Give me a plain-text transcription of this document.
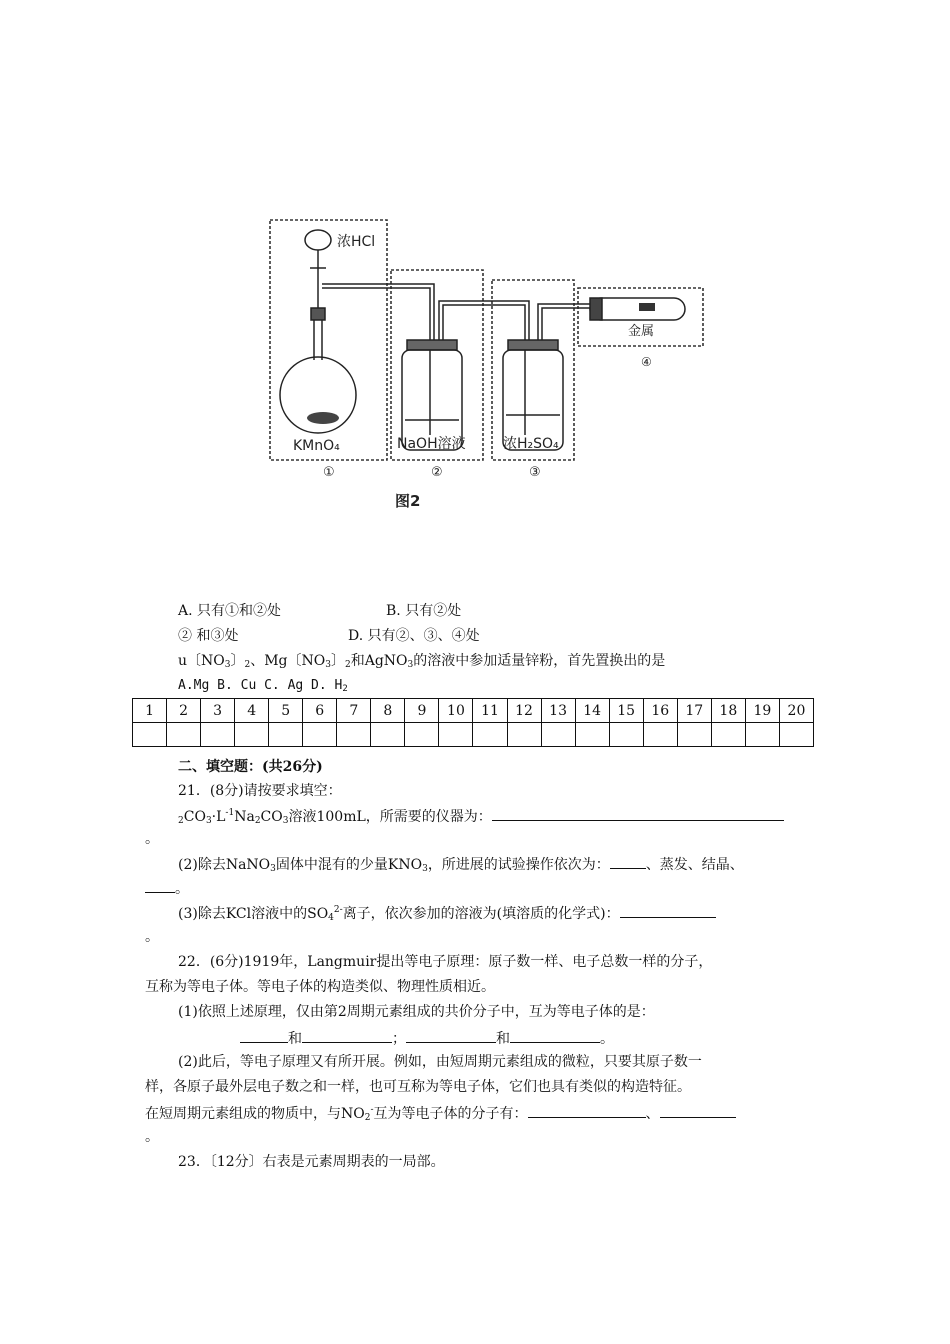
浓HCl
KMnO₄	NaOH溶液	浓H₂SO₄
金属
①	②	③
④
图2
A. 只有①和②处	B. 只有②处
② 和③处	D. 只有②、③、④处
u〔$NO_3$〕$_2$、Mg〔$NO_3$〕$_2$和AgNO$_3$的溶液中参加适量锌粉，首先置换出的是
A.Mg B. Cu C. Ag D. $H_2$
1	2	3	4	5	6	7	8	9	10	11	12	13	14	15	16	17	18	19	20

二、填空题：(共26分)
21．(8分)请按要求填空：
$_2CO_3\cdot L^{-1}Na_2CO_3$溶液100mL，所需要的仪器为：
。
(2)除去NaNO$_3$固体中混有的少量$KNO_3$，所进展的试验操作依次为：	、蒸发、结晶、
。
(3)除去KCl溶液中的$SO_4^{2-}$离子，依次参加的溶液为(填溶质的化学式)：
。
22．(6分)1919年，Langmuir提出等电子原理：原子数一样、电子总数一样的分子，
互称为等电子体。等电子体的构造类似、物理性质相近。
(1)依照上述原理，仅由第2周期元素组成的共价分子中，互为等电子体的是：
和	；	和	。
(2)此后，等电子原理又有所开展。例如，由短周期元素组成的微粒，只要其原子数一
样，各原子最外层电子数之和一样，也可互称为等电子体，它们也具有类似的构造特征。
在短周期元素组成的物质中，与$NO_2^-$互为等电子体的分子有：	、
。
23．〔12分〕右表是元素周期表的一局部。
